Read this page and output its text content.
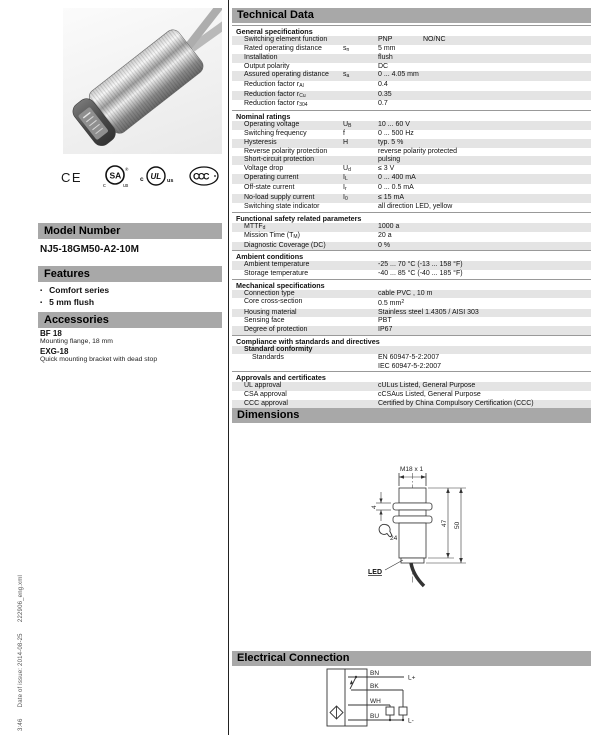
3:46      Date of issue: 2014-08-25      222906_eng.xml
CE	SA
®
c	us
c UL us CCC
Model Number
NJ5-18GM50-A2-10M
Features
▪ Comfort series
▪ 5 mm flush
Accessories
BF 18
Mounting flange, 18 mm
EXG-18
Quick mounting bracket with dead stop
Technical Data
General specifications
Switching element function	PNP	NO/NC
Rated operating distance	$s_n$	5 mm
Installation	flush
Output polarity	DC
Assured operating distance	$s_a$	0 ... 4.05 mm
Reduction factor $r_{Al}$	0.4
Reduction factor $r_{Cu}$	0.35
Reduction factor $r_{304}$	0.7
Nominal ratings
Operating voltage	$U_B$	10 ... 60 V
Switching frequency	f	0 ... 500 Hz
Hysteresis	H	typ. 5 %
Reverse polarity protection	reverse polarity protected
Short-circuit protection	pulsing
Voltage drop	$U_d$	≤ 3 V
Operating current	$I_L$	0 ... 400 mA
Off-state current	$I_r$	0 ... 0.5 mA
No-load supply current	$I_0$	≤ 15 mA
Switching state indicator	all direction LED, yellow
Functional safety related parameters
$MTTF_d$	1000 a
Mission Time $(T_M)$	20 a
Diagnostic Coverage (DC)	0 %
Ambient conditions
Ambient temperature	-25 ... 70 °C (-13 ... 158 °F)
Storage temperature	-40 ... 85 °C (-40 ... 185 °F)
Mechanical specifications
Connection type	cable PVC , 10 m
Core cross-section	0.5 $mm^2$
Housing material	Stainless steel 1.4305 / AISI 303
Sensing face	PBT
Degree of protection	IP67
Compliance with standards and directives
Standard conformity
Standards	EN 60947-5-2:2007
IEC 60947-5-2:2007
Approvals and certificates
UL approval	cULus Listed, General Purpose
CSA approval	cCSAus Listed, General Purpose
CCC approval	Certified by China Compulsory Certification (CCC)
Dimensions
M18 x 1
4
24
47 50
LED
Electrical Connection
BN
BK
WH
BU
L+
L-
